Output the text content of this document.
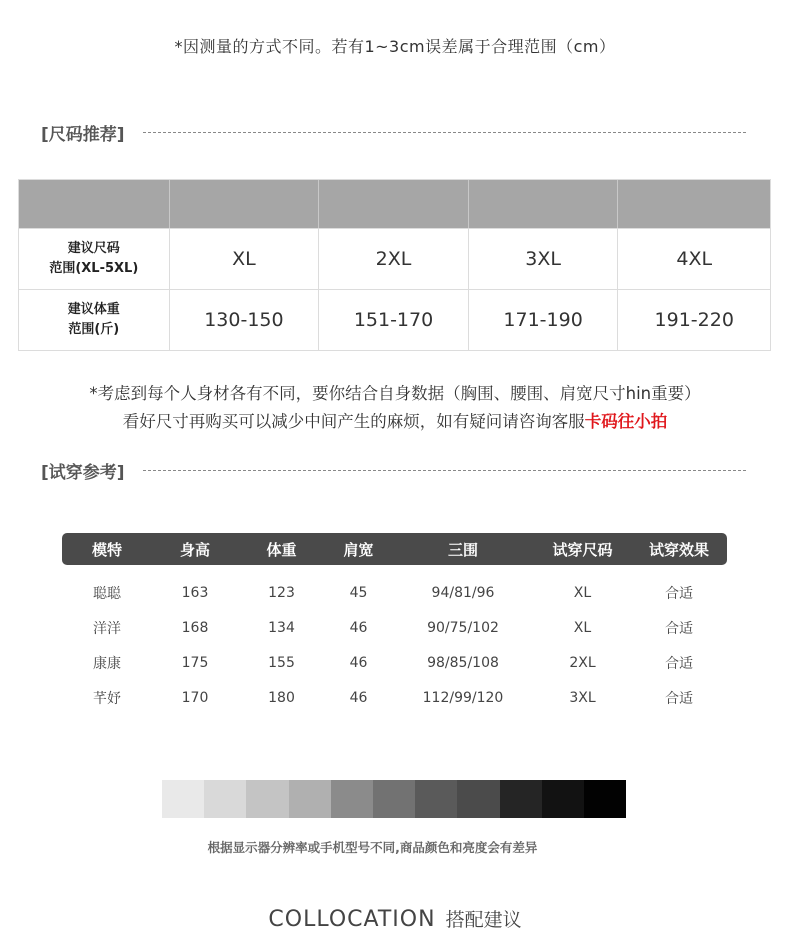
*因测量的方式不同。若有1~3cm误差属于合理范围（cm）
[尺码推荐]
建议尺码
范围(XL-5XL)	XL	2XL	3XL	4XL
建议体重
范围(斤)	130-150	151-170	171-190	191-220
*考虑到每个人身材各有不同，要你结合自身数据（胸围、腰围、肩宽尺寸hin重要）
看好尺寸再购买可以减少中间产生的麻烦，如有疑问请咨询客服卡码往小拍
[试穿参考]
模特	身高	体重	肩宽	三围	试穿尺码	试穿效果
聪聪	163	123	45	94/81/96	XL	合适
洋洋	168	134	46	90/75/102	XL	合适
康康	175	155	46	98/85/108	2XL	合适
芊妤	170	180	46	112/99/120	3XL	合适
根据显示器分辨率或手机型号不同,商品颜色和亮度会有差异
COLLOCATION 搭配建议
